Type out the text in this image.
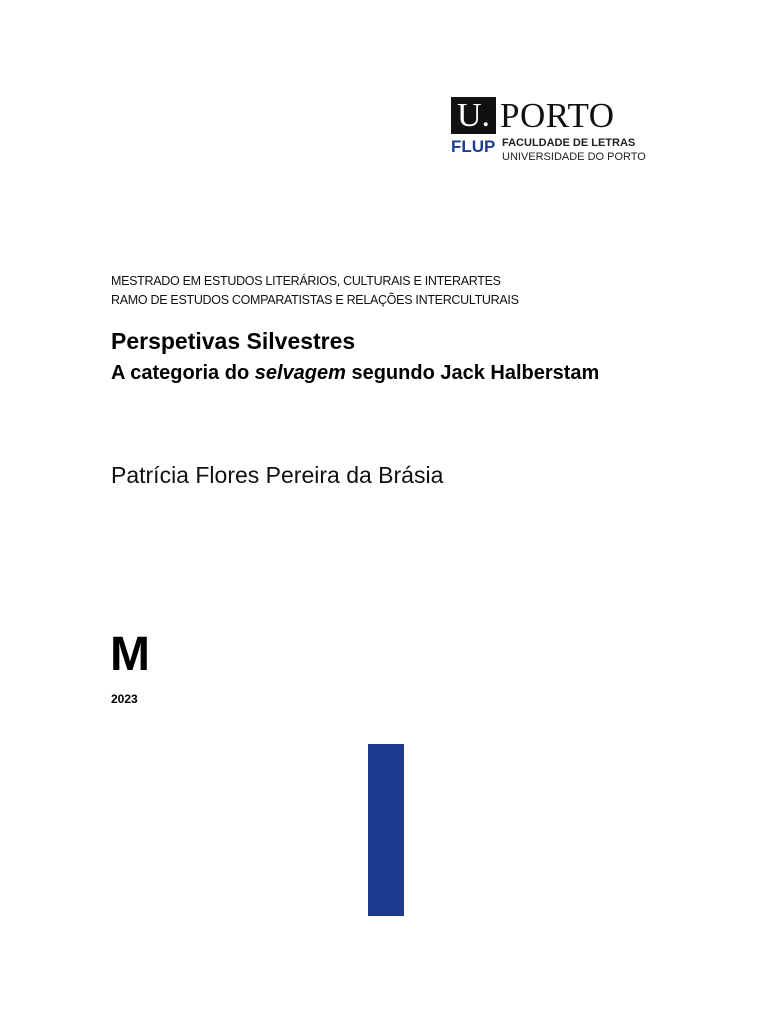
U. PORTO
FLUP FACULDADE DE LETRAS
UNIVERSIDADE DO PORTO
MESTRADO EM ESTUDOS LITERÁRIOS, CULTURAIS E INTERARTES
RAMO DE ESTUDOS COMPARATISTAS E RELAÇÕES INTERCULTURAIS
Perspetivas Silvestres
A categoria do selvagem segundo Jack Halberstam
Patrícia Flores Pereira da Brásia
M
2023
